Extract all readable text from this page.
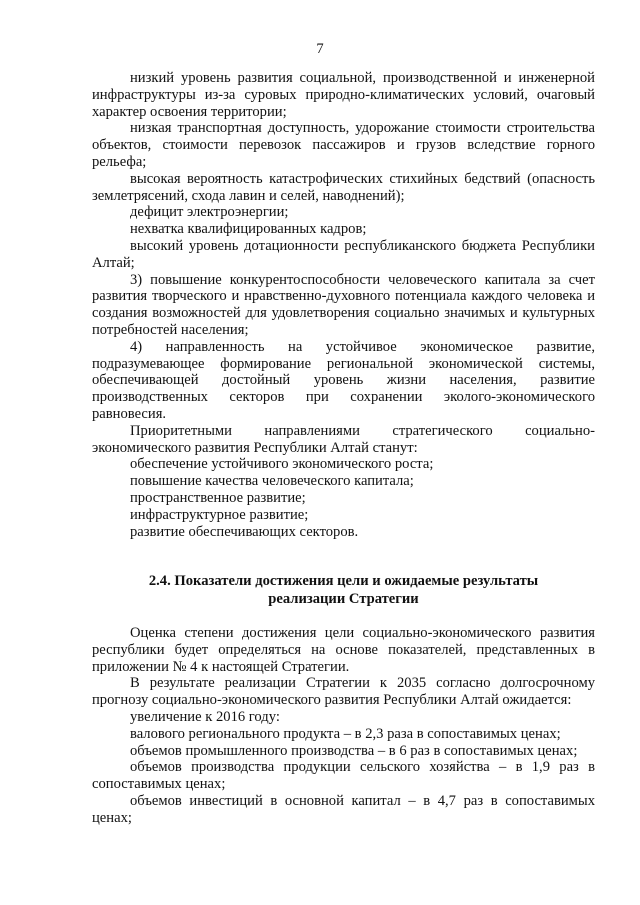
7

низкий уровень развития социальной, производственной и инженерной инфраструктуры из-за суровых природно-климатических условий, очаговый характер освоения территории;

низкая транспортная доступность, удорожание стоимости строительства объектов, стоимости перевозок пассажиров и грузов вследствие горного рельефа;

высокая вероятность катастрофических стихийных бедствий (опасность землетрясений, схода лавин и селей, наводнений);

дефицит электроэнергии;

нехватка квалифицированных кадров;

высокий уровень дотационности республиканского бюджета Республики Алтай;

3) повышение конкурентоспособности человеческого капитала за счет развития творческого и нравственно-духовного потенциала каждого человека и создания возможностей для удовлетворения социально значимых и культурных потребностей населения;

4) направленность на устойчивое экономическое развитие, подразумевающее формирование региональной экономической системы, обеспечивающей достойный уровень жизни населения, развитие производственных секторов при сохранении эколого-экономического равновесия.

Приоритетными направлениями стратегического социально-экономического развития Республики Алтай станут:

обеспечение устойчивого экономического роста;

повышение качества человеческого капитала;

пространственное развитие;

инфраструктурное развитие;

развитие обеспечивающих секторов.

2.4. Показатели достижения цели и ожидаемые результаты
реализации Стратегии

Оценка степени достижения цели социально-экономического развития республики будет определяться на основе показателей, представленных в приложении № 4 к настоящей Стратегии.

В результате реализации Стратегии к 2035 согласно долгосрочному прогнозу социально-экономического развития Республики Алтай ожидается:

увеличение к 2016 году:

валового регионального продукта – в 2,3 раза в сопоставимых ценах;

объемов промышленного производства – в 6 раз в сопоставимых ценах;

объемов производства продукции сельского хозяйства – в 1,9 раз в сопоставимых ценах;

объемов инвестиций в основной капитал – в 4,7 раз в сопоставимых ценах;
